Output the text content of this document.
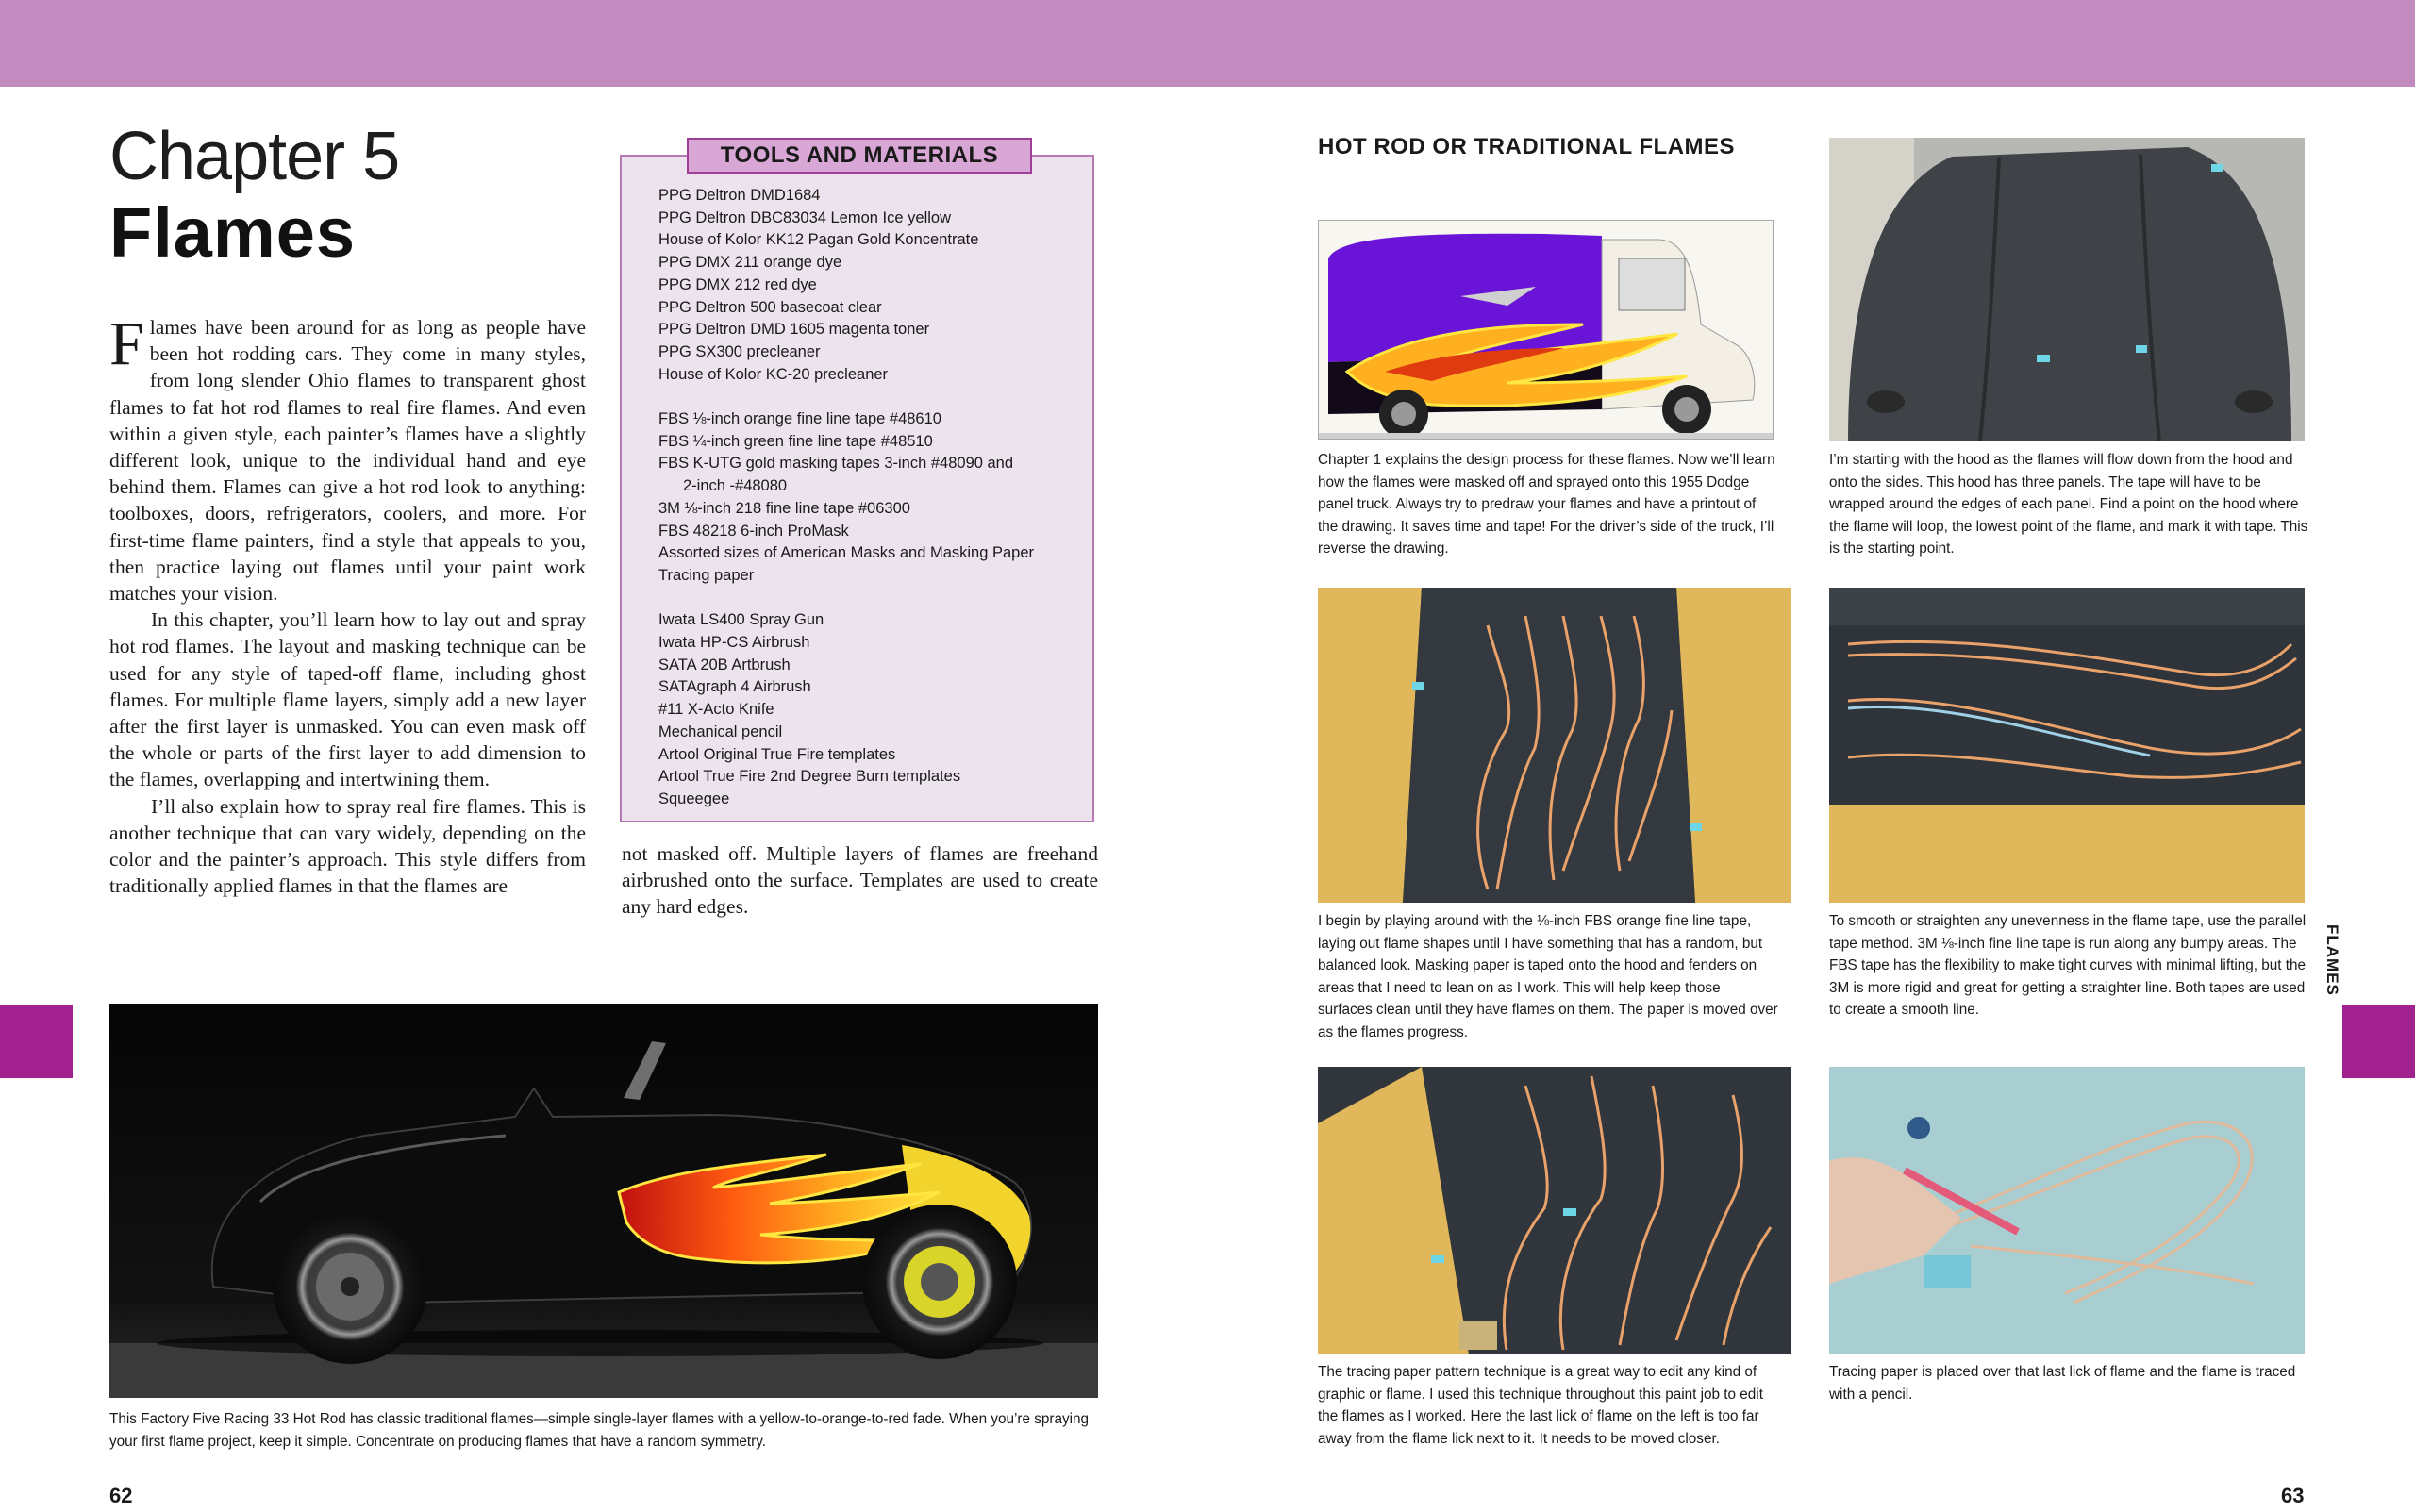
Chapter 5
Flames

Flames have been around for as long as people have been hot rodding cars. They come in many styles, from long slender Ohio flames to transparent ghost flames to fat hot rod flames to real fire flames. And even within a given style, each painter’s flames have a slightly different look, unique to the individual hand and eye behind them. Flames can give a hot rod look to anything: toolboxes, doors, refrigerators, coolers, and more. For first-time flame painters, find a style that appeals to you, then practice laying out flames until your paint work matches your vision.

In this chapter, you’ll learn how to lay out and spray hot rod flames. The layout and masking technique can be used for any style of taped-off flame, including ghost flames. For multiple flame layers, simply add a new layer after the first layer is unmasked. You can even mask off the whole or parts of the first layer to add dimension to the flames, overlapping and intertwining them.

I’ll also explain how to spray real fire flames. This is another technique that can vary widely, depending on the color and the painter’s approach. This style differs from traditionally applied flames in that the flames are

not masked off. Multiple layers of flames are freehand airbrushed onto the surface. Templates are used to create any hard edges.

TOOLS AND MATERIALS
PPG Deltron DMD1684
PPG Deltron DBC83034 Lemon Ice yellow
House of Kolor KK12 Pagan Gold Koncentrate
PPG DMX 211 orange dye
PPG DMX 212 red dye
PPG Deltron 500 basecoat clear
PPG Deltron DMD 1605 magenta toner
PPG SX300 precleaner
House of Kolor KC-20 precleaner
FBS ⅛-inch orange fine line tape #48610
FBS ¼-inch green fine line tape #48510
FBS K-UTG gold masking tapes 3-inch #48090 and
2-inch -#48080
3M ⅛-inch 218 fine line tape #06300
FBS 48218 6-inch ProMask
Assorted sizes of American Masks and Masking Paper
Tracing paper
Iwata LS400 Spray Gun
Iwata HP-CS Airbrush
SATA 20B Artbrush
SATAgraph 4 Airbrush
#11 X-Acto Knife
Mechanical pencil
Artool Original True Fire templates
Artool True Fire 2nd Degree Burn templates
Squeegee
This Factory Five Racing 33 Hot Rod has classic traditional flames—simple single-layer flames with a yellow-to-orange-to-red fade. When you’re spraying your first flame project, keep it simple. Concentrate on producing flames that have a random symmetry.
62
HOT ROD OR TRADITIONAL FLAMES
Chapter 1 explains the design process for these flames. Now we’ll learn how the flames were masked off and sprayed onto this 1955 Dodge panel truck. Always try to predraw your flames and have a printout of the drawing. It saves time and tape! For the driver’s side of the truck, I’ll reverse the drawing.
I’m starting with the hood as the flames will flow down from the hood and onto the sides. This hood has three panels. The tape will have to be wrapped around the edges of each panel. Find a point on the hood where the flame will loop, the lowest point of the flame, and mark it with tape. This is the starting point.
I begin by playing around with the ⅛-inch FBS orange fine line tape, laying out flame shapes until I have something that has a random, but balanced look. Masking paper is taped onto the hood and fenders on areas that I need to lean on as I work. This will help keep those surfaces clean until they have flames on them. The paper is moved over as the flames progress.
To smooth or straighten any unevenness in the flame tape, use the parallel tape method. 3M ⅛-inch fine line tape is run along any bumpy areas. The FBS tape has the flexibility to make tight curves with minimal lifting, but the 3M is more rigid and great for getting a straighter line. Both tapes are used to create a smooth line.
The tracing paper pattern technique is a great way to edit any kind of graphic or flame. I used this technique throughout this paint job to edit the flames as I worked. Here the last lick of flame on the left is too far away from the flame lick next to it. It needs to be moved closer.
Tracing paper is placed over that last lick of flame and the flame is traced with a pencil.
FLAMES
63
